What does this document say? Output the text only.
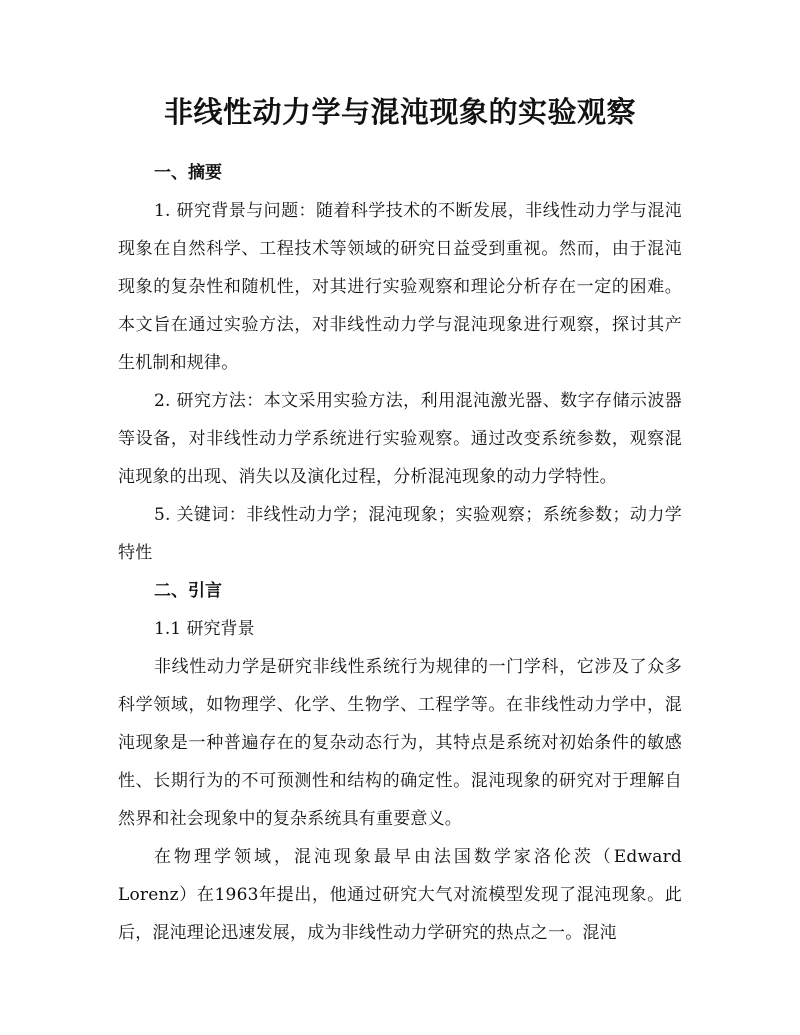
非线性动力学与混沌现象的实验观察
一、摘要

1. 研究背景与问题：随着科学技术的不断发展，非线性动力学与混沌现象在自然科学、工程技术等领域的研究日益受到重视。然而，由于混沌现象的复杂性和随机性，对其进行实验观察和理论分析存在一定的困难。本文旨在通过实验方法，对非线性动力学与混沌现象进行观察，探讨其产生机制和规律。

2. 研究方法：本文采用实验方法，利用混沌激光器、数字存储示波器等设备，对非线性动力学系统进行实验观察。通过改变系统参数，观察混沌现象的出现、消失以及演化过程，分析混沌现象的动力学特性。

5. 关键词：非线性动力学；混沌现象；实验观察；系统参数；动力学特性

二、引言
1.1 研究背景

非线性动力学是研究非线性系统行为规律的一门学科，它涉及了众多科学领域，如物理学、化学、生物学、工程学等。在非线性动力学中，混沌现象是一种普遍存在的复杂动态行为，其特点是系统对初始条件的敏感性、长期行为的不可预测性和结构的确定性。混沌现象的研究对于理解自然界和社会现象中的复杂系统具有重要意义。

在物理学领域，混沌现象最早由法国数学家洛伦茨（Edward Lorenz）在1963年提出，他通过研究大气对流模型发现了混沌现象。此后，混沌理论迅速发展，成为非线性动力学研究的热点之一。混沌
